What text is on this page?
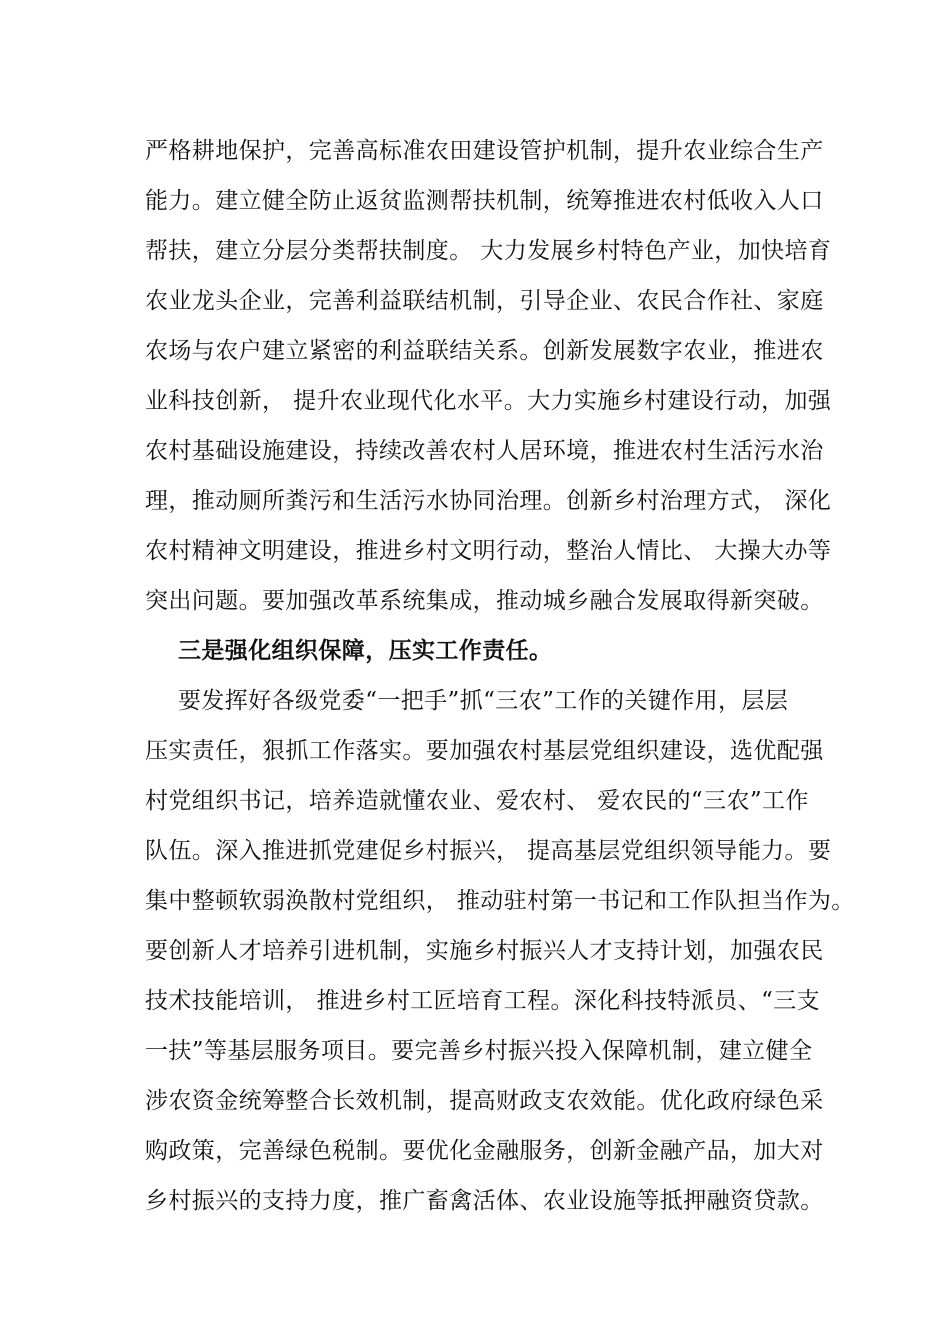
严格耕地保护，完善高标准农田建设管护机制，提升农业综合生产
能力。建立健全防止返贫监测帮扶机制，统筹推进农村低收入人口
帮扶，建立分层分类帮扶制度。 大力发展乡村特色产业，加快培育
农业龙头企业，完善利益联结机制，引导企业、农民合作社、家庭
农场与农户建立紧密的利益联结关系。创新发展数字农业，推进农
业科技创新， 提升农业现代化水平。大力实施乡村建设行动，加强
农村基础设施建设，持续改善农村人居环境，推进农村生活污水治
理，推动厕所粪污和生活污水协同治理。创新乡村治理方式， 深化
农村精神文明建设，推进乡村文明行动，整治人情比、 大操大办等
突出问题。要加强改革系统集成，推动城乡融合发展取得新突破。
三是强化组织保障，压实工作责任。
要发挥好各级党委“一把手”抓“三农”工作的关键作用，层层
压实责任，狠抓工作落实。要加强农村基层党组织建设，选优配强
村党组织书记，培养造就懂农业、爱农村、 爱农民的“三农”工作
队伍。深入推进抓党建促乡村振兴， 提高基层党组织领导能力。要
集中整顿软弱涣散村党组织， 推动驻村第一书记和工作队担当作为。
要创新人才培养引进机制，实施乡村振兴人才支持计划，加强农民
技术技能培训， 推进乡村工匠培育工程。深化科技特派员、“三支
一扶”等基层服务项目。要完善乡村振兴投入保障机制，建立健全
涉农资金统筹整合长效机制，提高财政支农效能。优化政府绿色采
购政策，完善绿色税制。要优化金融服务，创新金融产品，加大对
乡村振兴的支持力度，推广畜禽活体、农业设施等抵押融资贷款。
